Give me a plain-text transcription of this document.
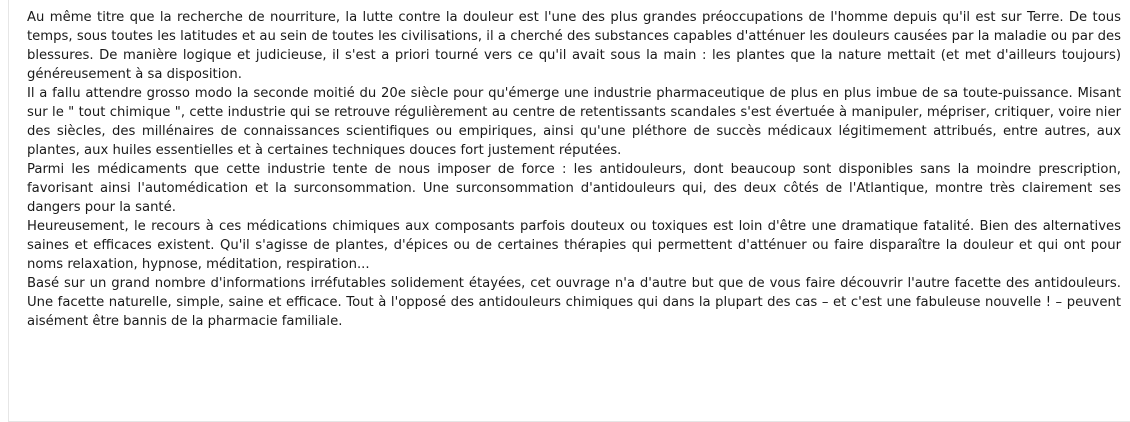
Au même titre que la recherche de nourriture, la lutte contre la douleur est l'une des plus grandes préoccupations de l'homme depuis qu'il est sur Terre. De tous temps, sous toutes les latitudes et au sein de toutes les civilisations, il a cherché des substances capables d'atténuer les douleurs causées par la maladie ou par des blessures. De manière logique et judicieuse, il s'est a priori tourné vers ce qu'il avait sous la main : les plantes que la nature mettait (et met d'ailleurs toujours) généreusement à sa disposition.

Il a fallu attendre grosso modo la seconde moitié du 20e siècle pour qu'émerge une industrie pharmaceutique de plus en plus imbue de sa toute-puissance. Misant sur le " tout chimique ", cette industrie qui se retrouve régulièrement au centre de retentissants scandales s'est évertuée à manipuler, mépriser, critiquer, voire nier des siècles, des millénaires de connaissances scientifiques ou empiriques, ainsi qu'une pléthore de succès médicaux légitimement attribués, entre autres, aux plantes, aux huiles essentielles et à certaines techniques douces fort justement réputées.

Parmi les médicaments que cette industrie tente de nous imposer de force : les antidouleurs, dont beaucoup sont disponibles sans la moindre prescription, favorisant ainsi l'automédication et la surconsommation. Une surconsommation d'antidouleurs qui, des deux côtés de l'Atlantique, montre très clairement ses dangers pour la santé.

Heureusement, le recours à ces médications chimiques aux composants parfois douteux ou toxiques est loin d'être une dramatique fatalité. Bien des alternatives saines et efficaces existent. Qu'il s'agisse de plantes, d'épices ou de certaines thérapies qui permettent d'atténuer ou faire disparaître la douleur et qui ont pour noms relaxation, hypnose, méditation, respiration...

Basé sur un grand nombre d'informations irréfutables solidement étayées, cet ouvrage n'a d'autre but que de vous faire découvrir l'autre facette des antidouleurs. Une facette naturelle, simple, saine et efficace. Tout à l'opposé des antidouleurs chimiques qui dans la plupart des cas – et c'est une fabuleuse nouvelle ! – peuvent aisément être bannis de la pharmacie familiale.
